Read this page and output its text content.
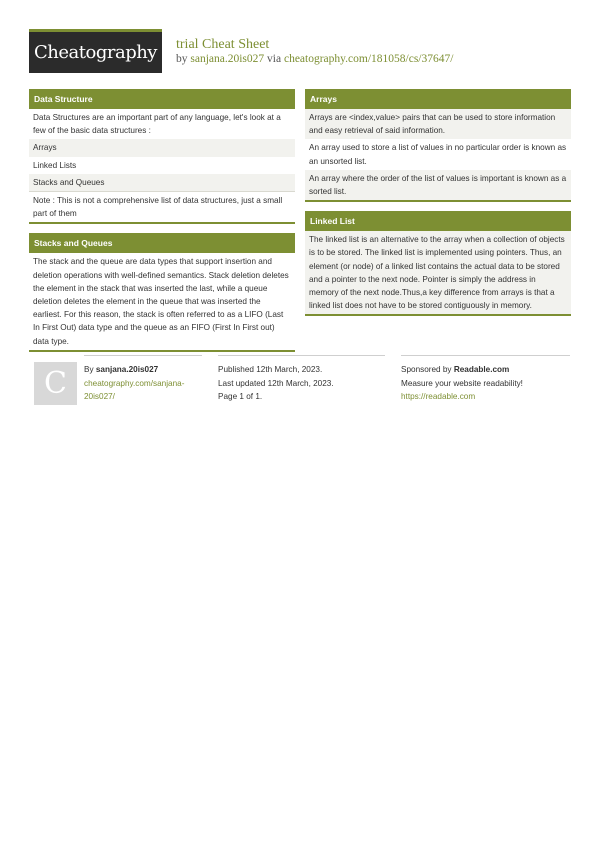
Cheatography trial Cheat Sheet
by sanjana.20is027 via cheatography.com/181058/cs/37647/
Data Structure
Data Structures are an important part of any language, let's look at a few of the basic data structures :
Arrays
Linked Lists
Stacks and Queues
Note : This is not a comprehensive list of data structures, just a small part of them
Stacks and Queues
The stack and the queue are data types that support insertion and deletion operations with well-defined semantics. Stack deletion deletes the element in the stack that was inserted the last, while a queue deletion deletes the element in the queue that was inserted the earliest. For this reason, the stack is often referred to as a LIFO (Last In First Out) data type and the queue as an FIFO (First In First out) data type.
Arrays
Arrays are <index,value> pairs that can be used to store information and easy retrieval of said information.
An array used to store a list of values in no particular order is known as an unsorted list.
An array where the order of the list of values is important is known as a sorted list.
Linked List
The linked list is an alternative to the array when a collection of objects is to be stored. The linked list is implemented using pointers. Thus, an element (or node) of a linked list contains the actual data to be stored and a pointer to the next node. Pointer is simply the address in memory of the next node.Thus,a key difference from arrays is that a linked list does not have to be stored contiguously in memory.
C By sanjana.20is027
cheatography.com/sanjana-
20is027/
Published 12th March, 2023.
Last updated 12th March, 2023.
Page 1 of 1.
Sponsored by Readable.com
Measure your website readability!
https://readable.com
